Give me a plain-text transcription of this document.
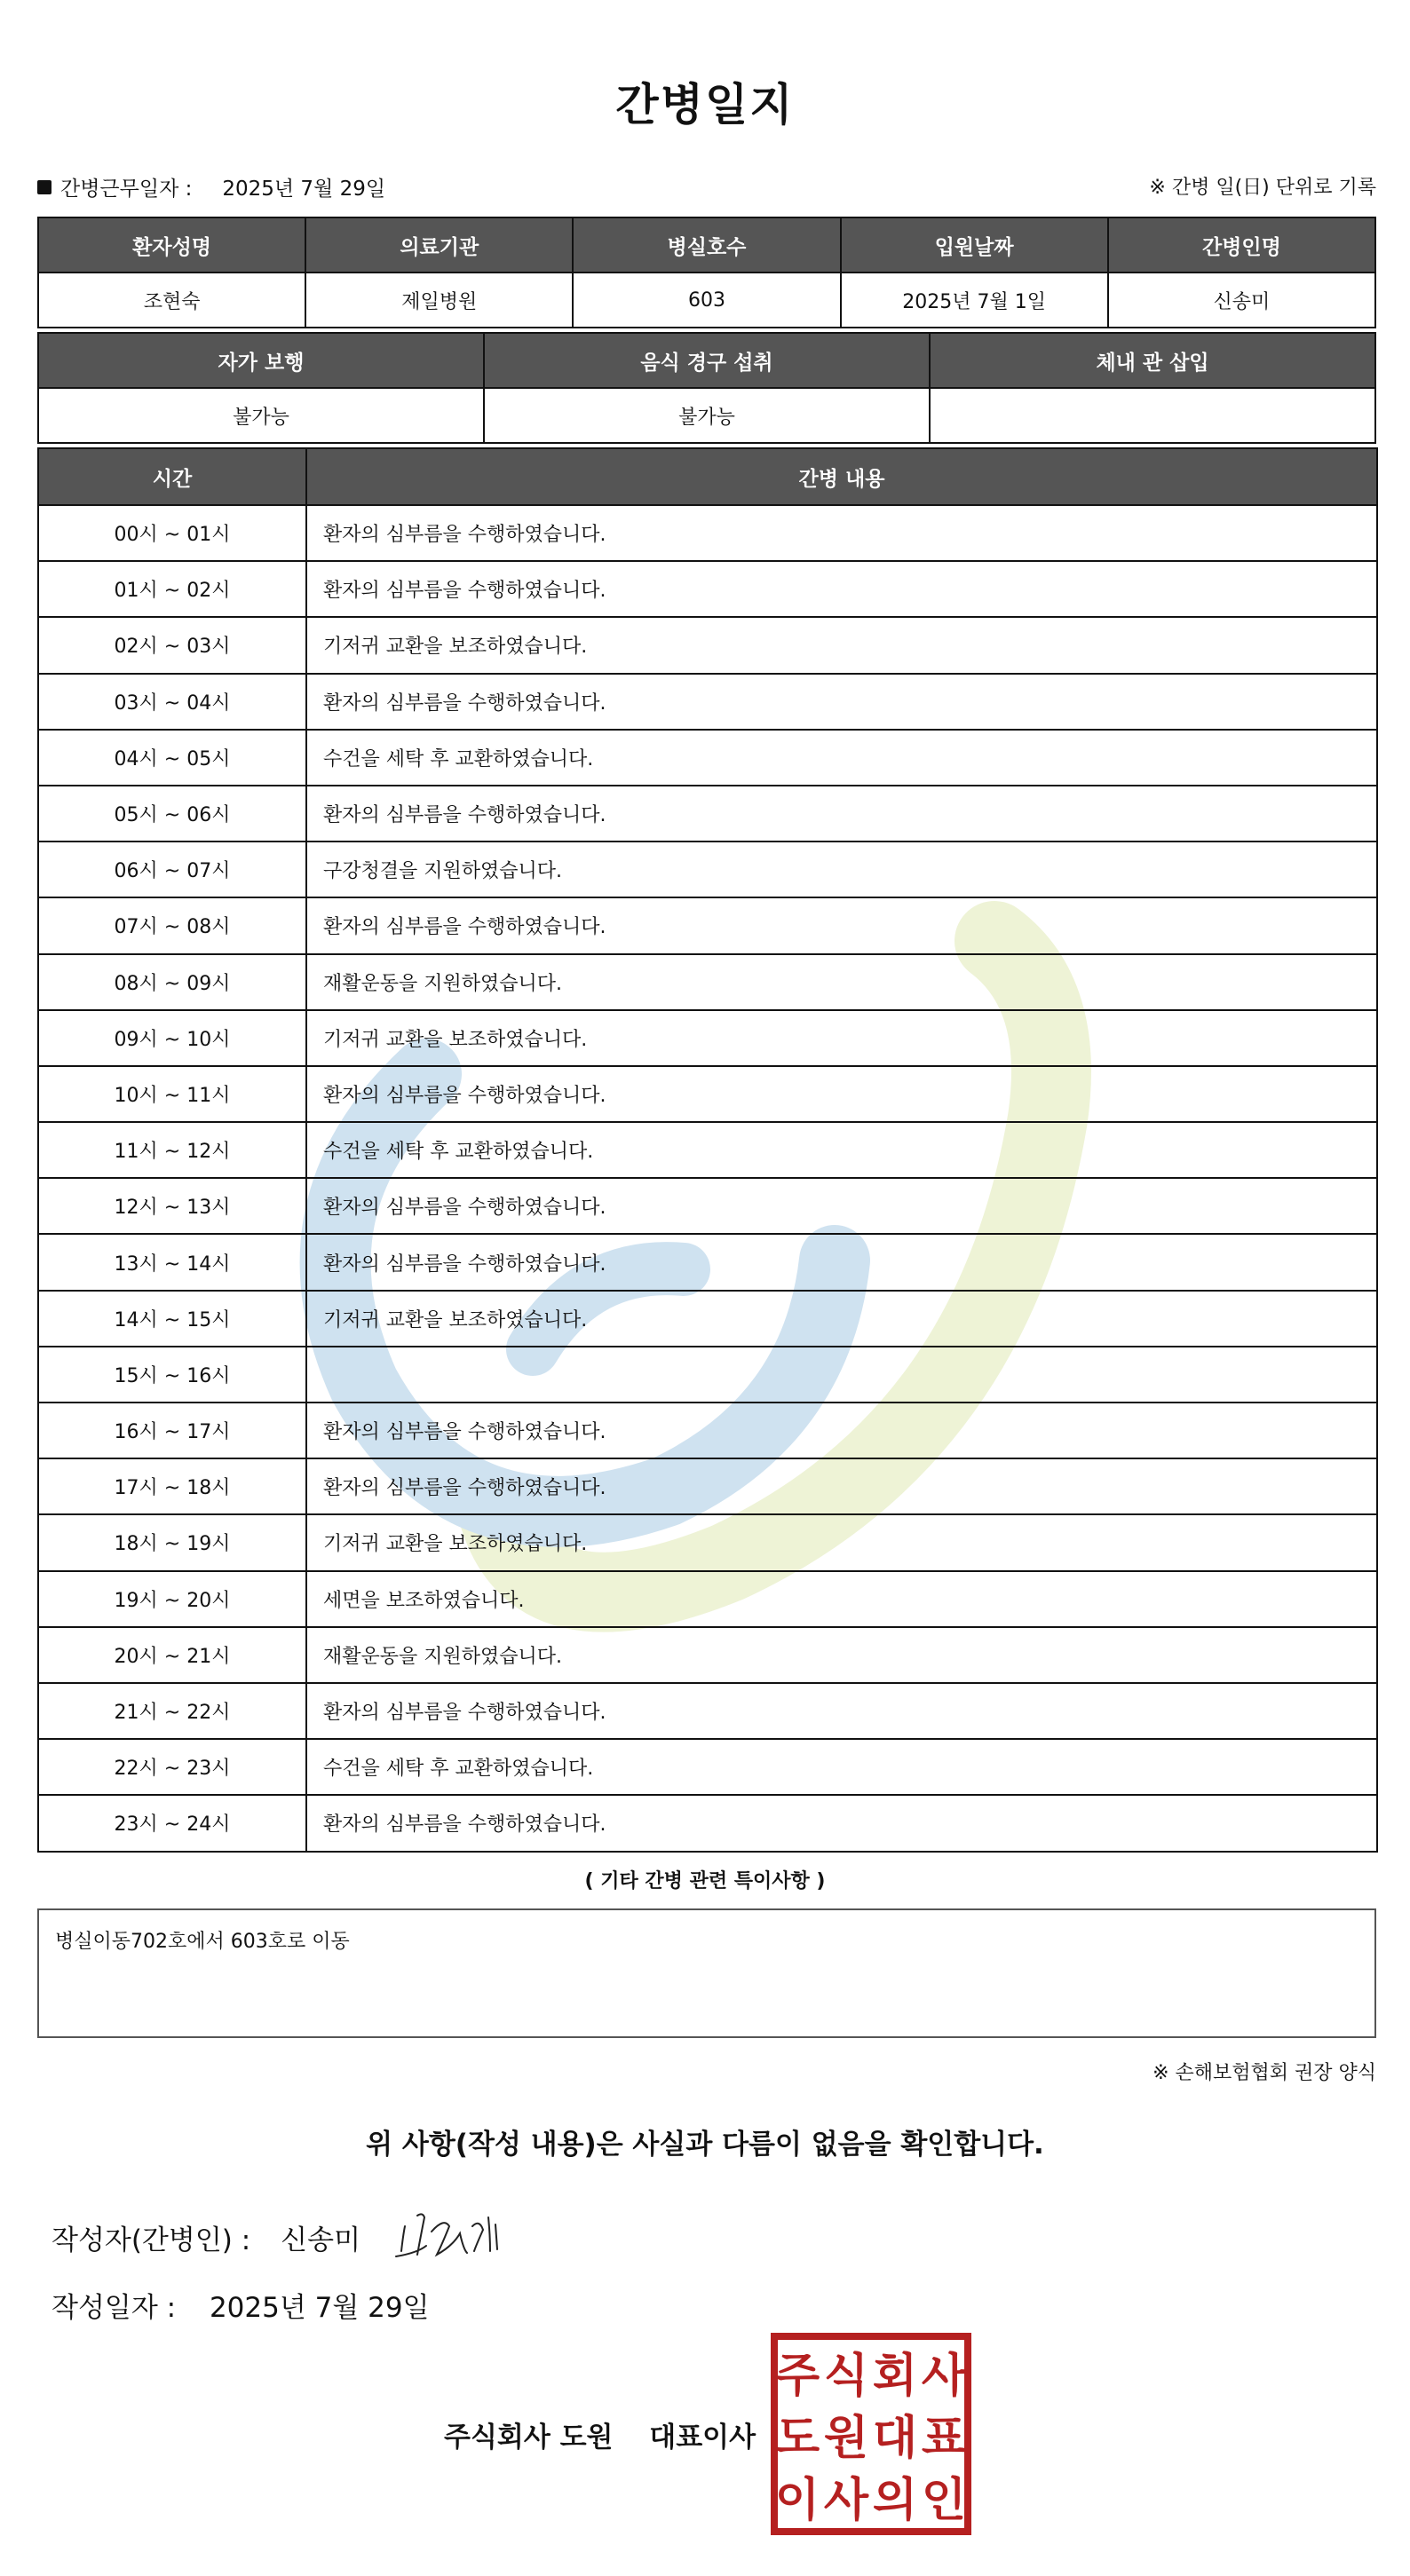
간병일지
간병근무일자 : 2025년 7월 29일	※ 간병 일(日) 단위로 기록
환자성명	의료기관	병실호수	입원날짜	간병인명
조현숙	제일병원	603	2025년 7월 1일	신송미
자가 보행	음식 경구 섭취	체내 관 삽입
불가능	불가능	
시간	간병 내용
00시 ~ 01시	환자의 심부름을 수행하였습니다.
01시 ~ 02시	환자의 심부름을 수행하였습니다.
02시 ~ 03시	기저귀 교환을 보조하였습니다.
03시 ~ 04시	환자의 심부름을 수행하였습니다.
04시 ~ 05시	수건을 세탁 후 교환하였습니다.
05시 ~ 06시	환자의 심부름을 수행하였습니다.
06시 ~ 07시	구강청결을 지원하였습니다.
07시 ~ 08시	환자의 심부름을 수행하였습니다.
08시 ~ 09시	재활운동을 지원하였습니다.
09시 ~ 10시	기저귀 교환을 보조하였습니다.
10시 ~ 11시	환자의 심부름을 수행하였습니다.
11시 ~ 12시	수건을 세탁 후 교환하였습니다.
12시 ~ 13시	환자의 심부름을 수행하였습니다.
13시 ~ 14시	환자의 심부름을 수행하였습니다.
14시 ~ 15시	기저귀 교환을 보조하였습니다.
15시 ~ 16시	
16시 ~ 17시	환자의 심부름을 수행하였습니다.
17시 ~ 18시	환자의 심부름을 수행하였습니다.
18시 ~ 19시	기저귀 교환을 보조하였습니다.
19시 ~ 20시	세면을 보조하였습니다.
20시 ~ 21시	재활운동을 지원하였습니다.
21시 ~ 22시	환자의 심부름을 수행하였습니다.
22시 ~ 23시	수건을 세탁 후 교환하였습니다.
23시 ~ 24시	환자의 심부름을 수행하였습니다.
( 기타 간병 관련 특이사항 )
병실이동702호에서 603호로 이동
※ 손해보험협회 권장 양식
위 사항(작성 내용)은 사실과 다름이 없음을 확인합니다.
작성자(간병인) : 신송미
작성일자 : 2025년 7월 29일
주식회사 도원 대표이사
주 식 회 사
도 원 대 표
이 사 의 인
